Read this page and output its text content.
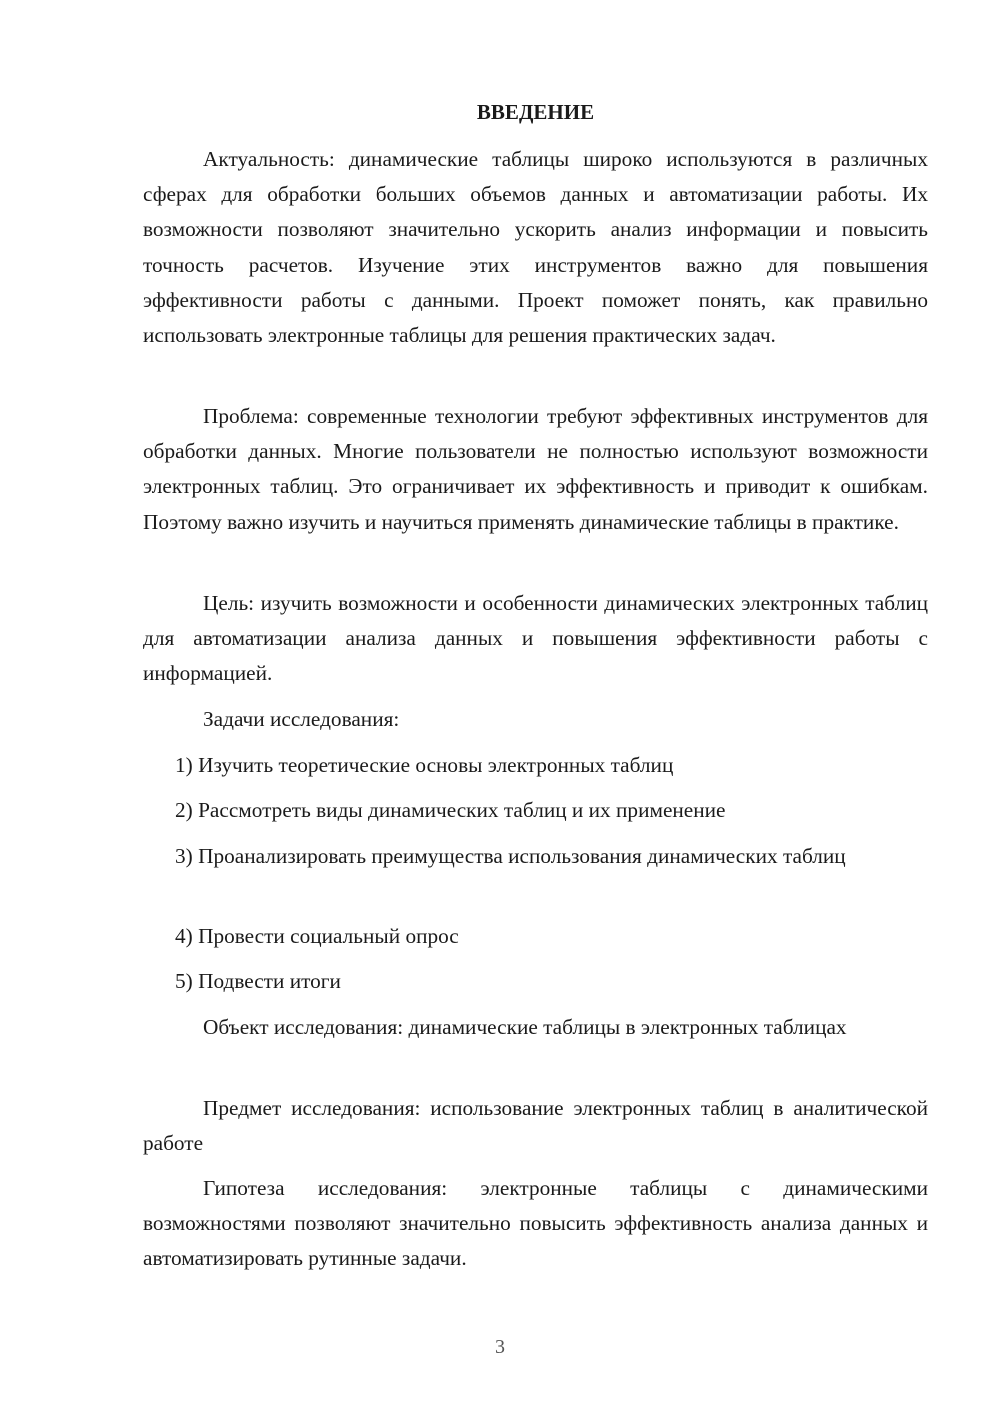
ВВЕДЕНИЕ

Актуальность: динамические таблицы широко используются в различных сферах для обработки больших объемов данных и автоматизации работы. Их возможности позволяют значительно ускорить анализ информации и повысить точность расчетов. Изучение этих инструментов важно для повышения эффективности работы с данными. Проект поможет понять, как правильно использовать электронные таблицы для решения практических задач.

Проблема: современные технологии требуют эффективных инструментов для обработки данных. Многие пользователи не полностью используют возможности электронных таблиц. Это ограничивает их эффективность и приводит к ошибкам. Поэтому важно изучить и научиться применять динамические таблицы в практике.

Цель: изучить возможности и особенности динамических электронных таблиц для автоматизации анализа данных и повышения эффективности работы с информацией.

Задачи исследования:

1) Изучить теоретические основы электронных таблиц

2) Рассмотреть виды динамических таблиц и их применение

3) Проанализировать преимущества использования динамических таблиц

4) Провести социальный опрос

5) Подвести итоги

Объект исследования: динамические таблицы в электронных таблицах

Предмет исследования: использование электронных таблиц в аналитической работе

Гипотеза исследования: электронные таблицы с динамическими возможностями позволяют значительно повысить эффективность анализа данных и автоматизировать рутинные задачи.

3
